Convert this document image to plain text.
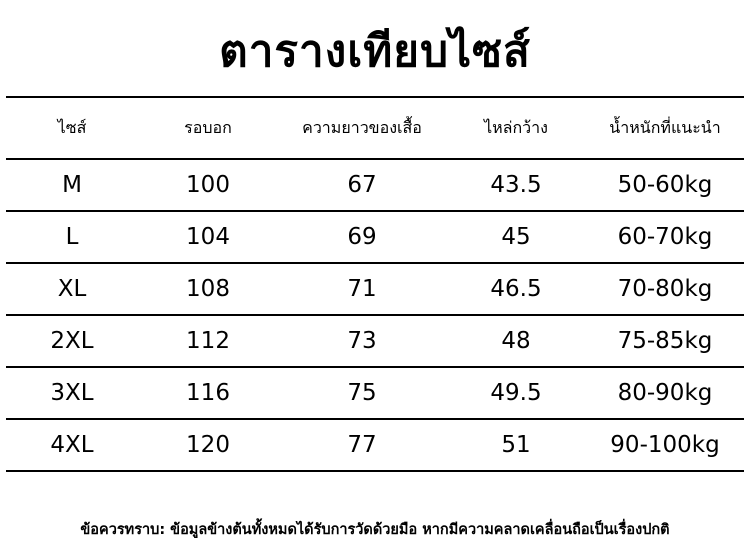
ตารางเทียบไซส์
ไซส์	รอบอก	ความยาวของเสื้อ	ไหล่กว้าง	น้ำหนักที่แนะนำ
M	100	67	43.5	50-60kg
L	104	69	45	60-70kg
XL	108	71	46.5	70-80kg
2XL	112	73	48	75-85kg
3XL	116	75	49.5	80-90kg
4XL	120	77	51	90-100kg
ข้อควรทราบ: ข้อมูลข้างต้นทั้งหมดได้รับการวัดด้วยมือ หากมีความคลาดเคลื่อนถือเป็นเรื่องปกติ
